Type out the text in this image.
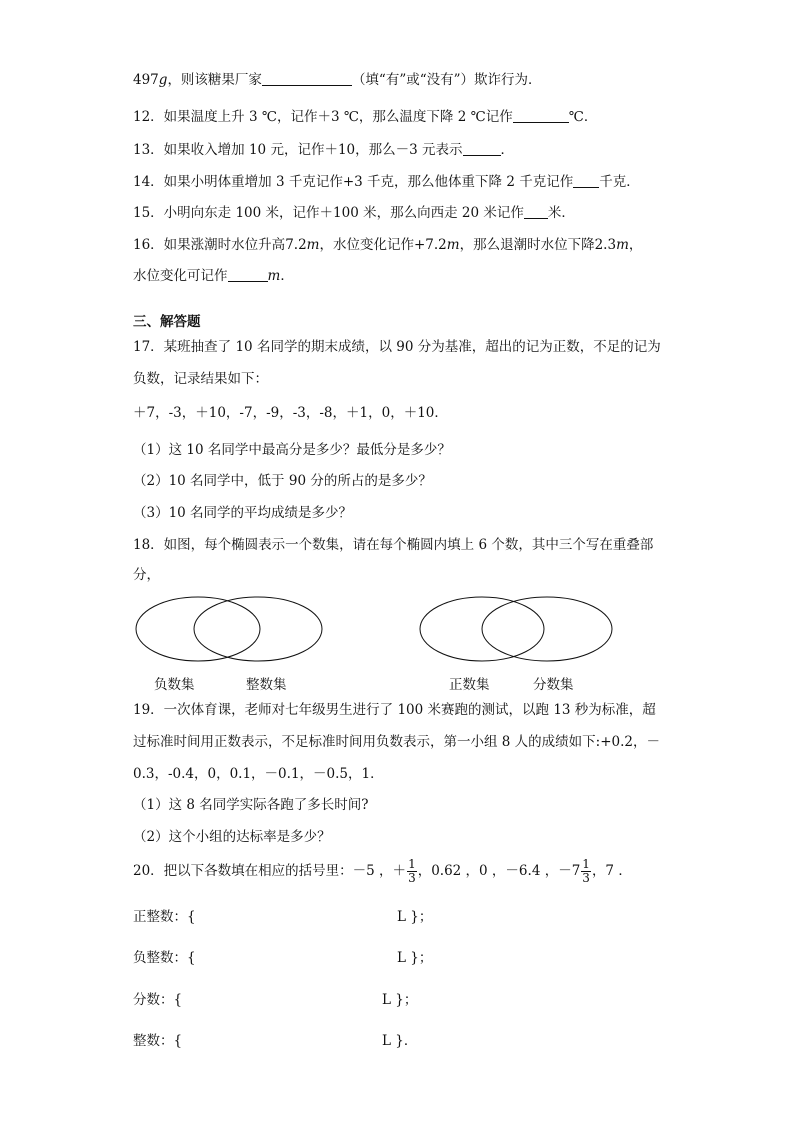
497g，则该糖果厂家	（填“有”或“没有”）欺诈行为．
12．如果温度上升 3 ℃，记作＋3 ℃，那么温度下降 2 ℃记作	℃．
13．如果收入增加 10 元，记作＋10，那么－3 元表示	．
14．如果小明体重增加 3 千克记作+3 千克，那么他体重下降 2 千克记作 千克．
15．小明向东走 100 米，记作＋100 米，那么向西走 20 米记作 米．
16．如果涨潮时水位升高7.2m，水位变化记作+7.2m，那么退潮时水位下降2.3m，
水位变化可记作	m．
三、解答题
17．某班抽查了 10 名同学的期末成绩，以 90 分为基准，超出的记为正数，不足的记为
负数，记录结果如下：
＋7，-3，＋10，-7，-9，-3，-8，＋1，0，＋10．
（1）这 10 名同学中最高分是多少？最低分是多少？
（2）10 名同学中，低于 90 分的所占的是多少？
（3）10 名同学的平均成绩是多少？
18．如图，每个椭圆表示一个数集，请在每个椭圆内填上 6 个数，其中三个写在重叠部
分，
负数集	整数集	正数集	分数集
19．一次体育课，老师对七年级男生进行了 100 米赛跑的测试，以跑 13 秒为标准，超
过标准时间用正数表示，不足标准时间用负数表示，第一小组 8 人的成绩如下:+0.2，－
0.3，-0.4，0，0.1，－0.1，－0.5，1．
（1）这 8 名同学实际各跑了多长时间?
（2）这个小组的达标率是多少？
20．把以下各数填在相应的括号里：－5 ，＋ $\frac{1}{3}$ ，0.62 ，0 ，－6.4 ，$-7 \frac{1}{3}$ ，7 ．
正整数：{	L }；
负整数：{	L }；
分数：{	L }；
整数：{	L }．
